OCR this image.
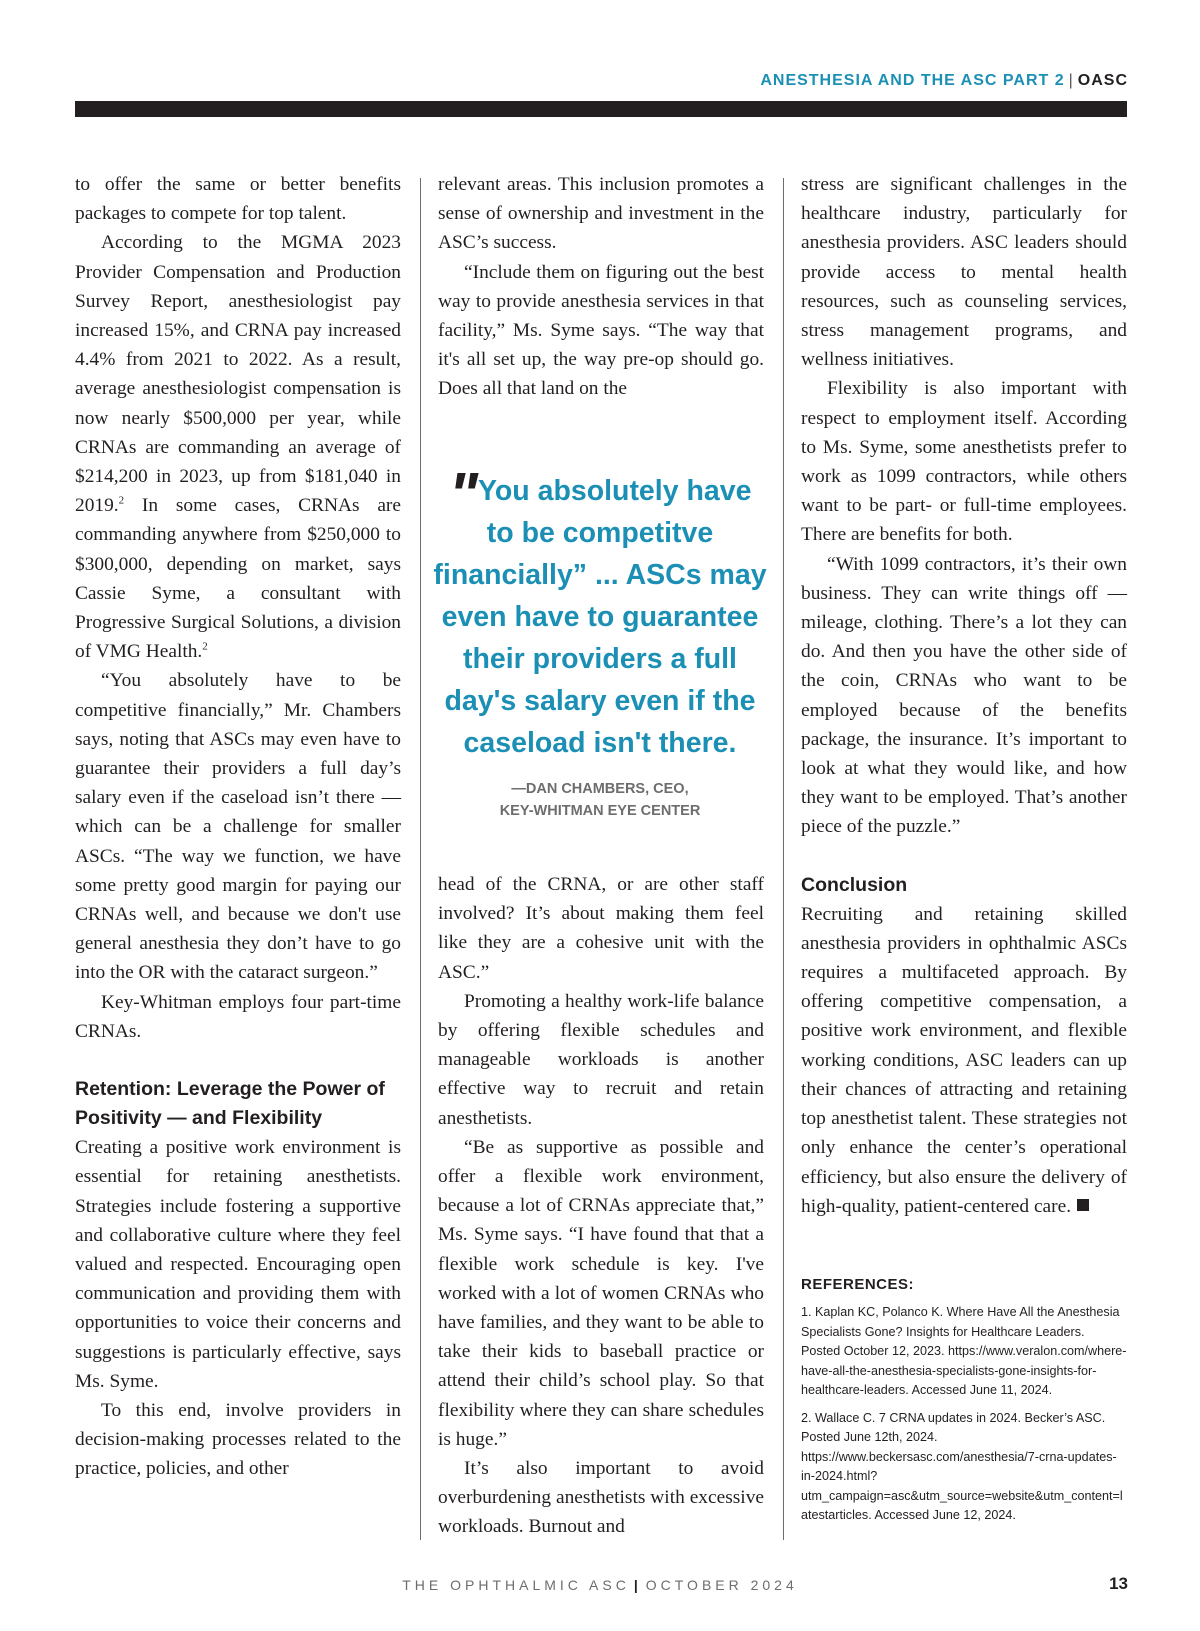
ANESTHESIA AND THE ASC PART 2 | OASC

to offer the same or better benefits packages to compete for top talent.

According to the MGMA 2023 Provider Compensation and Production Survey Report, anesthesiologist pay increased 15%, and CRNA pay increased 4.4% from 2021 to 2022. As a result, average anesthesiologist compensation is now nearly $500,000 per year, while CRNAs are commanding an average of $214,200 in 2023, up from $181,040 in 2019.$^2$ In some cases, CRNAs are commanding anywhere from $250,000 to $300,000, depending on market, says Cassie Syme, a consultant with Progressive Surgical Solutions, a division of VMG Health.$^2$

“You absolutely have to be competitive financially,” Mr. Chambers says, noting that ASCs may even have to guarantee their providers a full day’s salary even if the caseload isn’t there — which can be a challenge for smaller ASCs. “The way we function, we have some pretty good margin for paying our CRNAs well, and because we don't use general anesthesia they don’t have to go into the OR with the cataract surgeon.”

Key-Whitman employs four part-time CRNAs.

Retention: Leverage the Power of Positivity — and Flexibility

Creating a positive work environment is essential for retaining anesthetists. Strategies include fostering a supportive and collaborative culture where they feel valued and respected. Encouraging open communication and providing them with opportunities to voice their concerns and suggestions is particularly effective, says Ms. Syme.

To this end, involve providers in decision-making processes related to the practice, policies, and other

relevant areas. This inclusion promotes a sense of ownership and investment in the ASC’s success.

“Include them on figuring out the best way to provide anesthesia services in that facility,” Ms. Syme says. “The way that it's all set up, the way pre-op should go. Does all that land on the

" You absolutely have to be competitve financially” ... ASCs may even have to guarantee their providers a full day's salary even if the caseload isn't there.
—DAN CHAMBERS, CEO,
KEY-WHITMAN EYE CENTER

head of the CRNA, or are other staff involved? It’s about making them feel like they are a cohesive unit with the ASC.”

Promoting a healthy work-life balance by offering flexible schedules and manageable workloads is another effective way to recruit and retain anesthetists.

“Be as supportive as possible and offer a flexible work environment, because a lot of CRNAs appreciate that,” Ms. Syme says. “I have found that that a flexible work schedule is key. I've worked with a lot of women CRNAs who have families, and they want to be able to take their kids to baseball practice or attend their child’s school play. So that flexibility where they can share schedules is huge.”

It’s also important to avoid overburdening anesthetists with excessive workloads. Burnout and

stress are significant challenges in the healthcare industry, particularly for anesthesia providers. ASC leaders should provide access to mental health resources, such as counseling services, stress management programs, and wellness initiatives.

Flexibility is also important with respect to employment itself. According to Ms. Syme, some anesthetists prefer to work as 1099 contractors, while others want to be part- or full-time employees. There are benefits for both.

“With 1099 contractors, it’s their own business. They can write things off — mileage, clothing. There’s a lot they can do. And then you have the other side of the coin, CRNAs who want to be employed because of the benefits package, the insurance. It’s important to look at what they would like, and how they want to be employed. That’s another piece of the puzzle.”

Conclusion

Recruiting and retaining skilled anesthesia providers in ophthalmic ASCs requires a multifaceted approach. By offering competitive compensation, a positive work environment, and flexible working conditions, ASC leaders can up their chances of attracting and retaining top anesthetist talent. These strategies not only enhance the center’s operational efficiency, but also ensure the delivery of high-quality, patient-centered care.

REFERENCES:

1. Kaplan KC, Polanco K. Where Have All the Anesthesia Specialists Gone? Insights for Healthcare Leaders. Posted October 12, 2023. https://www.veralon.com/where-have-all-the-anesthesia-specialists-gone-insights-for-healthcare-leaders. Accessed June 11, 2024.

2. Wallace C. 7 CRNA updates in 2024. Becker’s ASC. Posted June 12th, 2024. https://www.beckersasc.com/anesthesia/7-crna-updates-in-2024.html?utm_campaign=asc&utm_source=website&utm_content=latestarticles. Accessed June 12, 2024.

THE OPHTHALMIC ASC | OCTOBER 2024	13
